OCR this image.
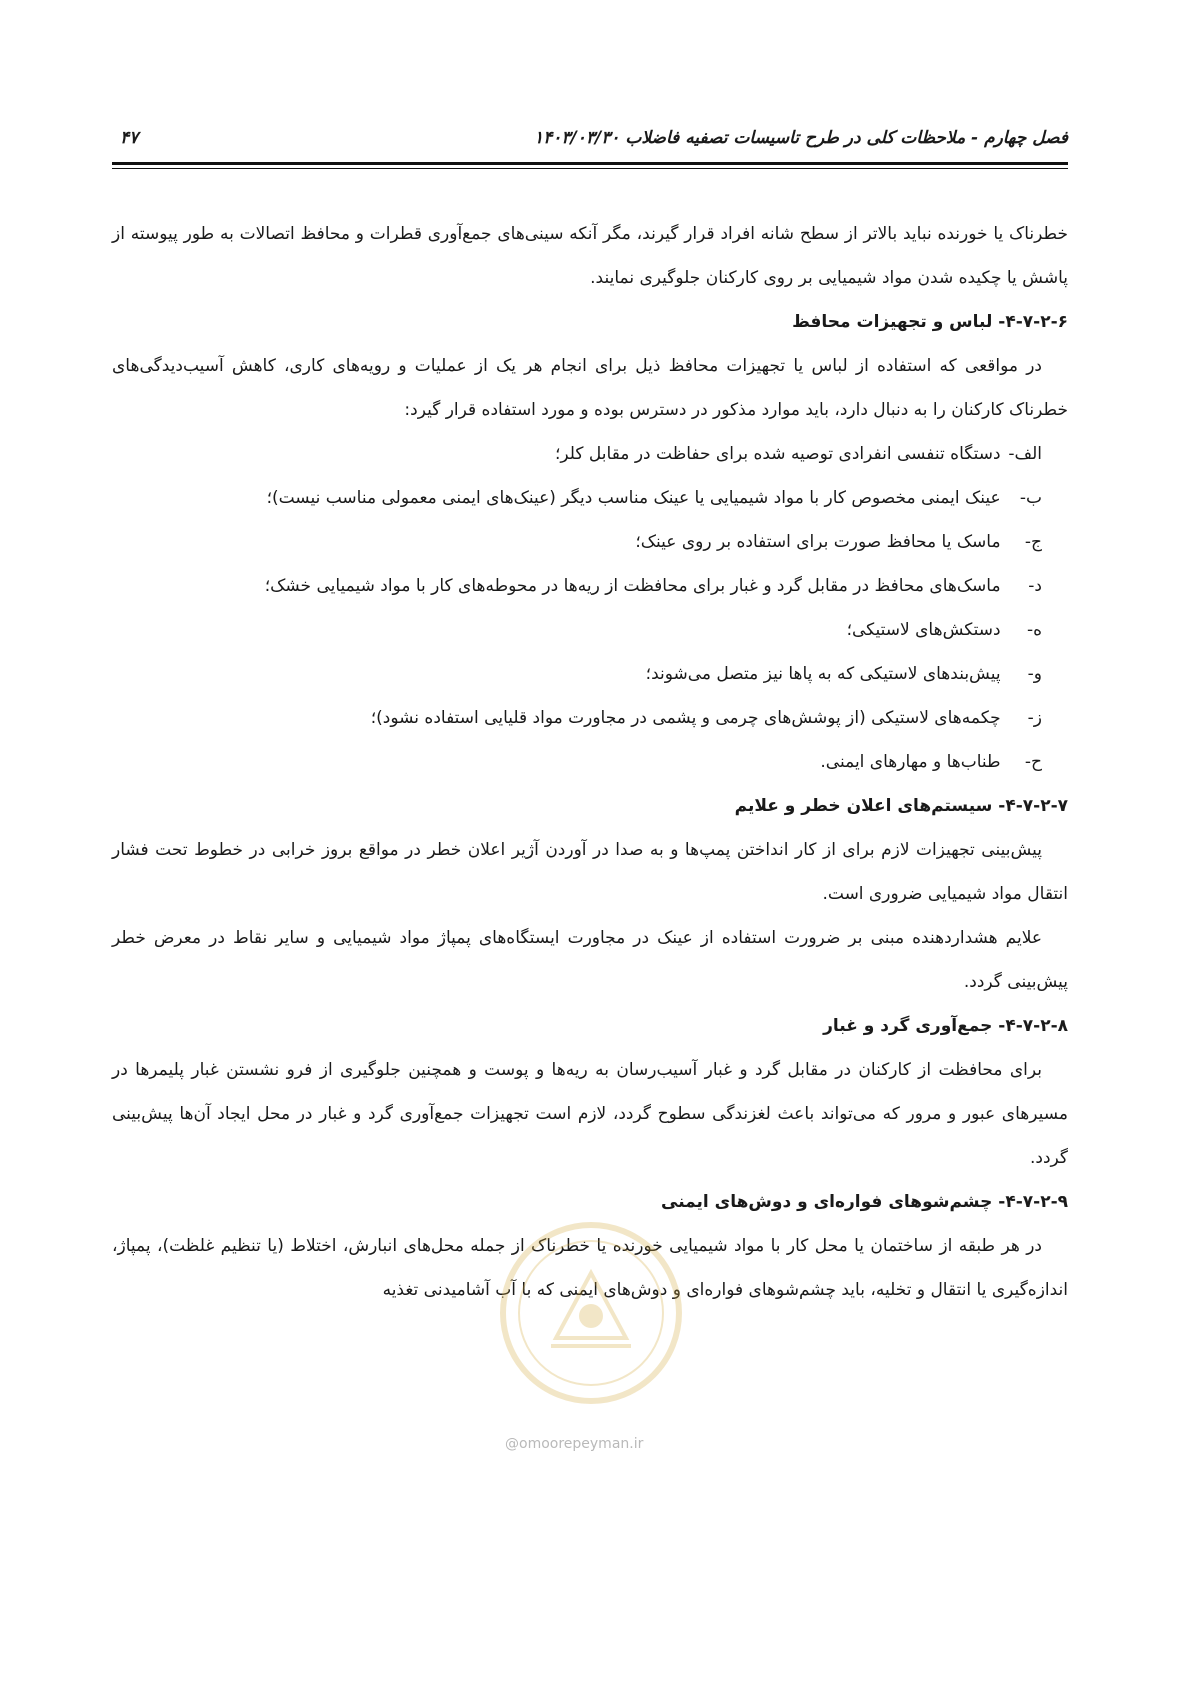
فصل چهارم - ملاحظات کلی در طرح تاسیسات تصفیه فاضلاب ۱۴۰۳/۰۳/۳۰
۴۷

خطرناک یا خورنده نباید بالاتر از سطح شانه افراد قرار گیرند، مگر آنکه سینی‌های جمع‌آوری قطرات و محافظ اتصالات به طور پیوسته از پاشش یا چکیده شدن مواد شیمیایی بر روی کارکنان جلوگیری نمایند.

۴-۷-۲-۶- لباس و تجهیزات محافظ

در مواقعی که استفاده از لباس یا تجهیزات محافظ ذیل برای انجام هر یک از عملیات و رویه‌های کاری، کاهش آسیب‌دیدگی‌های خطرناک کارکنان را به دنبال دارد، باید موارد مذکور در دسترس بوده و مورد استفاده قرار گیرد:

الف- دستگاه تنفسی انفرادی توصیه شده برای حفاظت در مقابل کلر؛
ب- عینک ایمنی مخصوص کار با مواد شیمیایی یا عینک مناسب دیگر (عینک‌های ایمنی معمولی مناسب نیست)؛
ج- ماسک یا محافظ صورت برای استفاده بر روی عینک؛
د- ماسک‌های محافظ در مقابل گرد و غبار برای محافظت از ریه‌ها در محوطه‌های کار با مواد شیمیایی خشک؛
ه- دستکش‌های لاستیکی؛
و- پیش‌بندهای لاستیکی که به پاها نیز متصل می‌شوند؛
ز- چکمه‌های لاستیکی (از پوشش‌های چرمی و پشمی در مجاورت مواد قلیایی استفاده نشود)؛
ح- طناب‌ها و مهارهای ایمنی.

۴-۷-۲-۷- سیستم‌های اعلان خطر و علایم

پیش‌بینی تجهیزات لازم برای از کار انداختن پمپ‌ها و به صدا در آوردن آژیر اعلان خطر در مواقع بروز خرابی در خطوط تحت فشار انتقال مواد شیمیایی ضروری است.

علایم هشداردهنده مبنی بر ضرورت استفاده از عینک در مجاورت ایستگاه‌های پمپاژ مواد شیمیایی و سایر نقاط در معرض خطر پیش‌بینی گردد.

۴-۷-۲-۸- جمع‌آوری گرد و غبار

برای محافظت از کارکنان در مقابل گرد و غبار آسیب‌رسان به ریه‌ها و پوست و همچنین جلوگیری از فرو نشستن غبار پلیمرها در مسیرهای عبور و مرور که می‌تواند باعث لغزندگی سطوح گردد، لازم است تجهیزات جمع‌آوری گرد و غبار در محل ایجاد آن‌ها پیش‌بینی گردد.

۴-۷-۲-۹- چشم‌شوهای فواره‌ای و دوش‌های ایمنی

در هر طبقه از ساختمان یا محل کار با مواد شیمیایی خورنده یا خطرناک از جمله محل‌های انبارش، اختلاط (یا تنظیم غلظت)، پمپاژ، اندازه‌گیری یا انتقال و تخلیه، باید چشم‌شوهای فواره‌ای و دوش‌های ایمنی که با آب آشامیدنی تغذیه

@omoorepeyman.ir
